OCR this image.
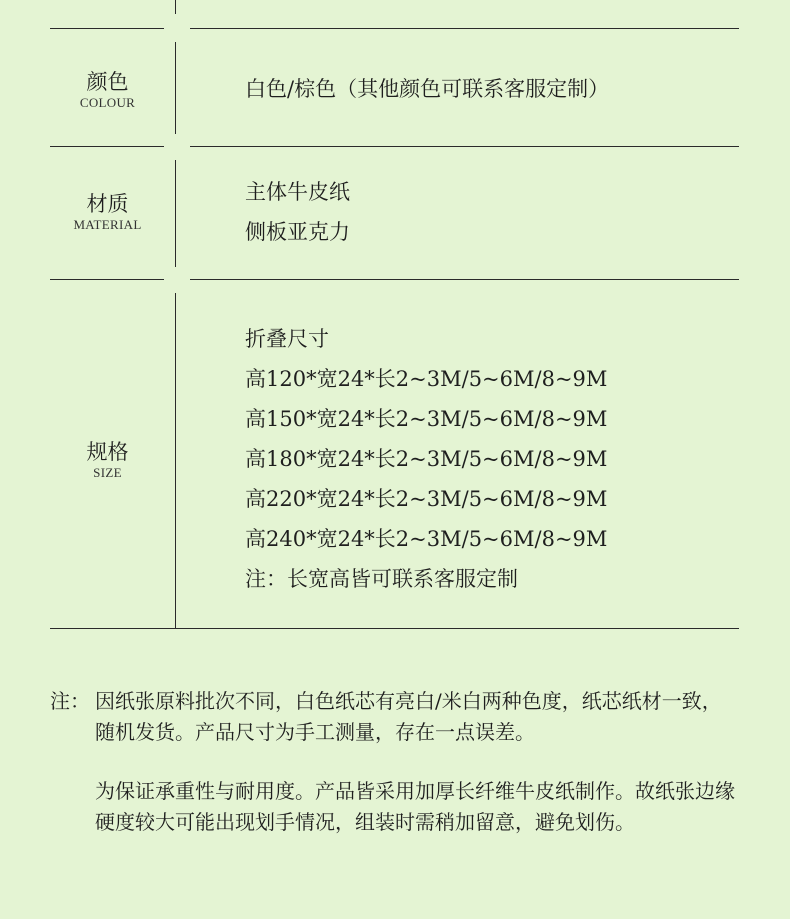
颜色
COLOUR
白色/棕色（其他颜色可联系客服定制）
材质
MATERIAL
主体牛皮纸
侧板亚克力
规格
SIZE
折叠尺寸
高120*宽24*长2~3M/5~6M/8~9M
高150*宽24*长2~3M/5~6M/8~9M
高180*宽24*长2~3M/5~6M/8~9M
高220*宽24*长2~3M/5~6M/8~9M
高240*宽24*长2~3M/5~6M/8~9M
注：长宽高皆可联系客服定制
注： 因纸张原料批次不同，白色纸芯有亮白/米白两种色度，纸芯纸材一致，随机发货。产品尺寸为手工测量，存在一点误差。
为保证承重性与耐用度。产品皆采用加厚长纤维牛皮纸制作。故纸张边缘硬度较大可能出现划手情况，组装时需稍加留意，避免划伤。
